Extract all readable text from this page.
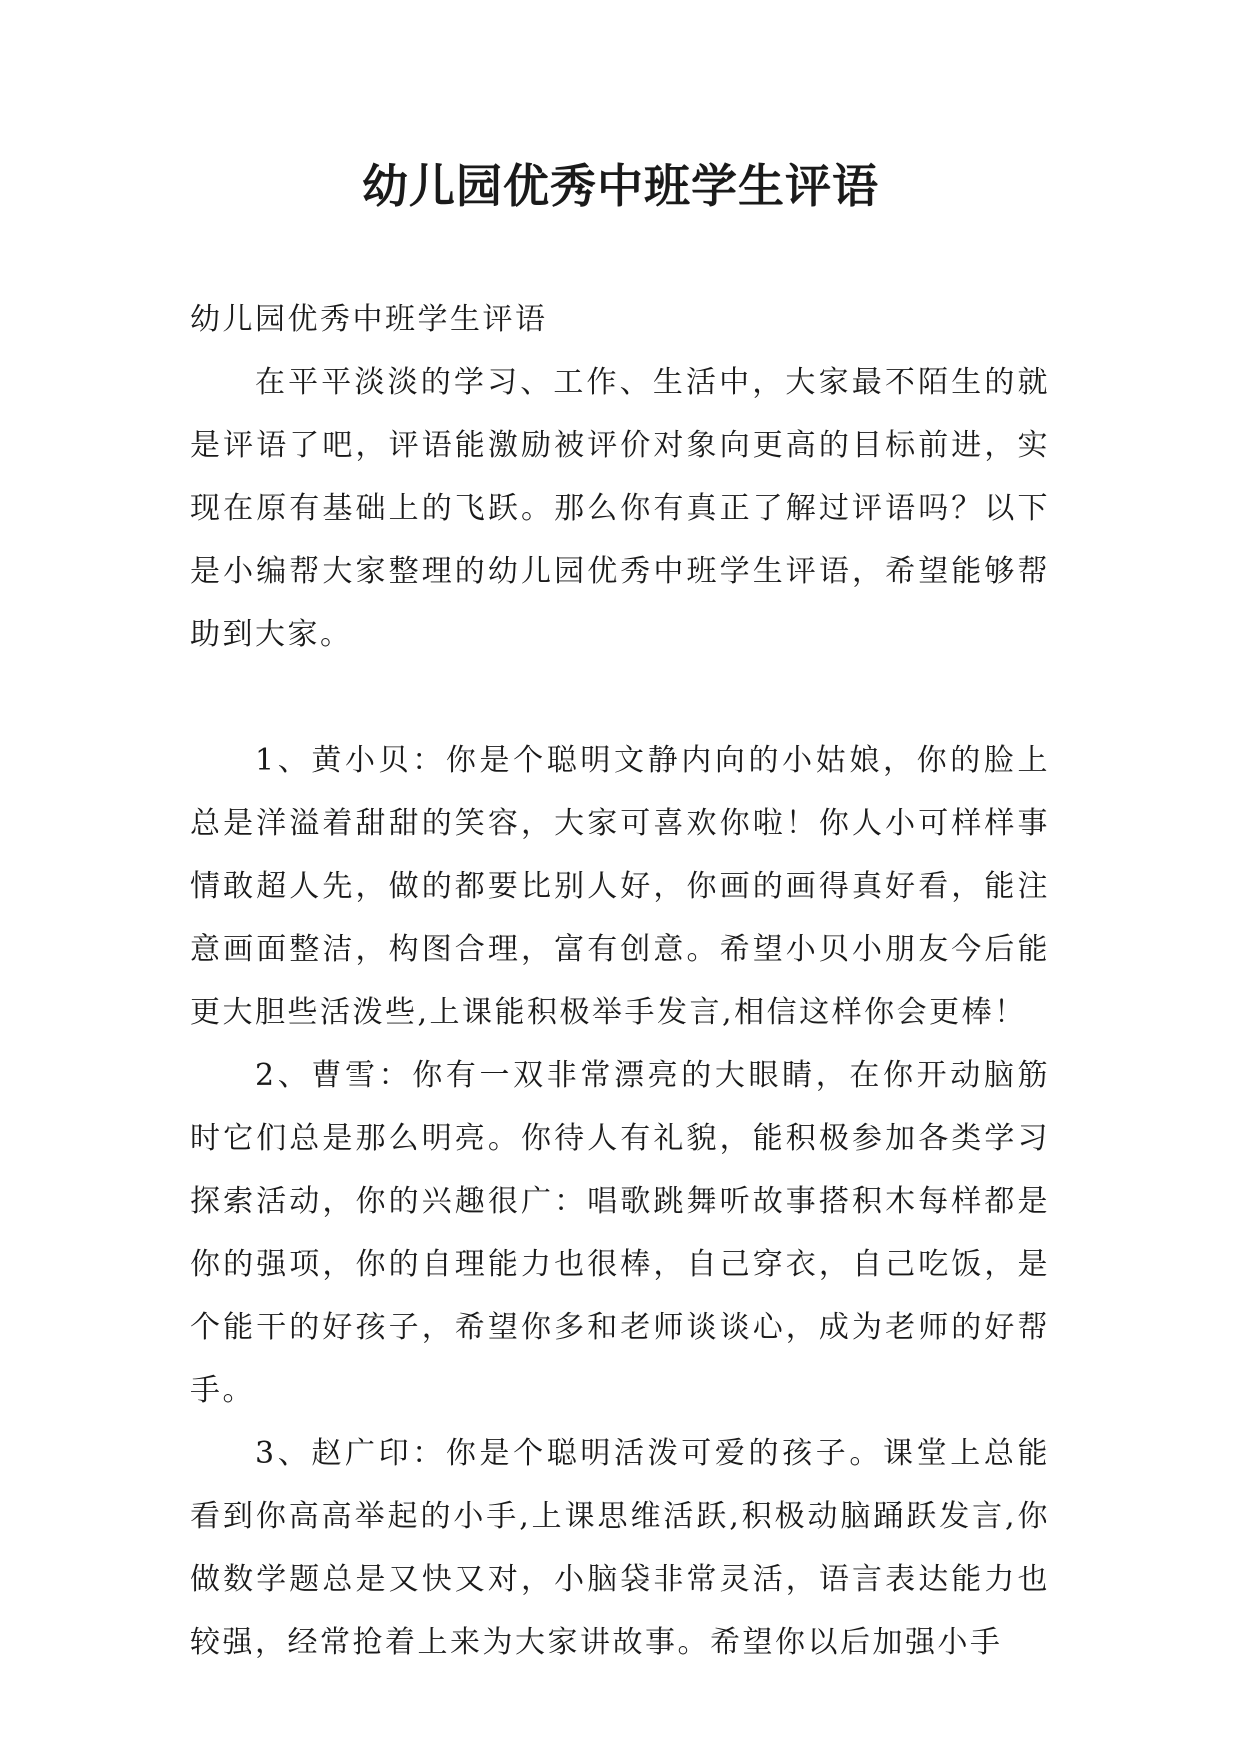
幼儿园优秀中班学生评语

幼儿园优秀中班学生评语

在平平淡淡的学习、工作、生活中，大家最不陌生的就是评语了吧，评语能激励被评价对象向更高的目标前进，实现在原有基础上的飞跃。那么你有真正了解过评语吗？以下是小编帮大家整理的幼儿园优秀中班学生评语，希望能够帮助到大家。

1、黄小贝：你是个聪明文静内向的小姑娘，你的脸上总是洋溢着甜甜的笑容，大家可喜欢你啦！你人小可样样事情敢超人先，做的都要比别人好，你画的画得真好看，能注意画面整洁，构图合理，富有创意。希望小贝小朋友今后能更大胆些活泼些,上课能积极举手发言,相信这样你会更棒！

2、曹雪：你有一双非常漂亮的大眼睛，在你开动脑筋时它们总是那么明亮。你待人有礼貌，能积极参加各类学习探索活动，你的兴趣很广：唱歌跳舞听故事搭积木每样都是你的强项，你的自理能力也很棒，自己穿衣，自己吃饭，是个能干的好孩子，希望你多和老师谈谈心，成为老师的好帮手。

3、赵广印：你是个聪明活泼可爱的孩子。课堂上总能看到你高高举起的小手,上课思维活跃,积极动脑踊跃发言,你做数学题总是又快又对，小脑袋非常灵活，语言表达能力也较强，经常抢着上来为大家讲故事。希望你以后加强小手
